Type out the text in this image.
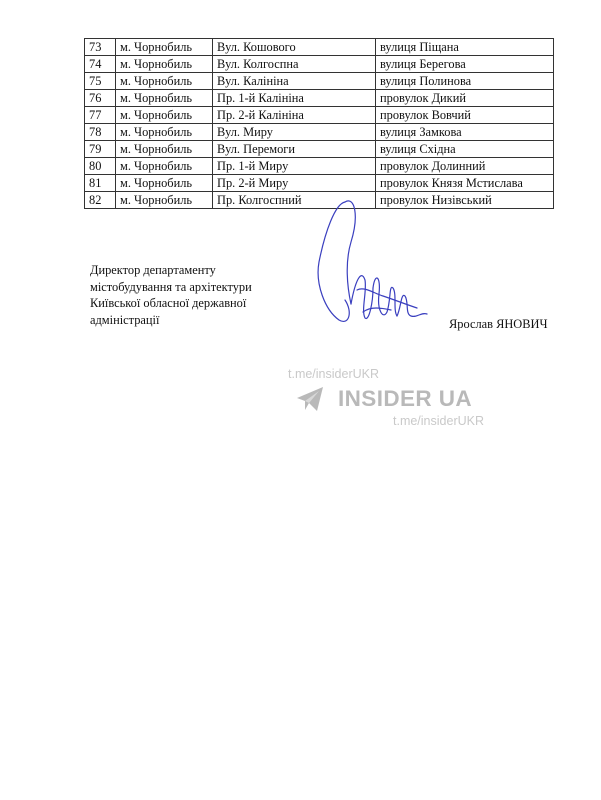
73	м. Чорнобиль	Вул. Кошового	вулиця Піщана
74	м. Чорнобиль	Вул. Колгоспна	вулиця Берегова
75	м. Чорнобиль	Вул. Калініна	вулиця Полинова
76	м. Чорнобиль	Пр. 1-й Калініна	провулок Дикий
77	м. Чорнобиль	Пр. 2-й Калініна	провулок Вовчий
78	м. Чорнобиль	Вул. Миру	вулиця Замкова
79	м. Чорнобиль	Вул. Перемоги	вулиця Східна
80	м. Чорнобиль	Пр. 1-й Миру	провулок Долинний
81	м. Чорнобиль	Пр. 2-й Миру	провулок Князя Мстислава
82	м. Чорнобиль	Пр. Колгоспний	провулок Низівський
Директор департаменту
містобудування та архітектури
Київської обласної державної
адміністрації	Ярослав ЯНОВИЧ
t.me/insiderUKR
INSIDER UA
t.me/insiderUKR
